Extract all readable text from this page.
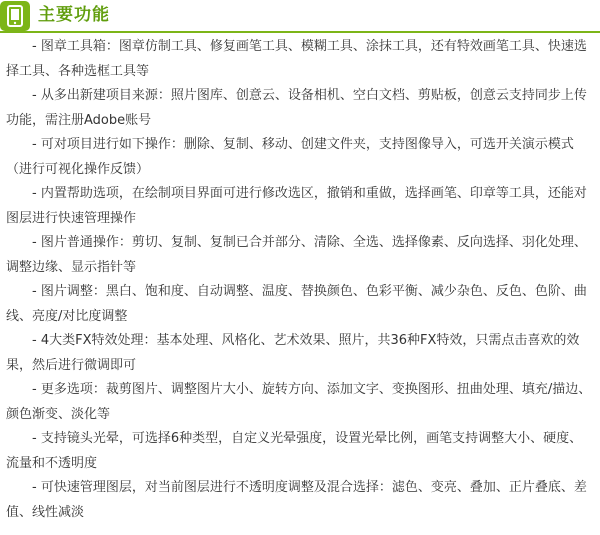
主要功能

- 图章工具箱：图章仿制工具、修复画笔工具、模糊工具、涂抹工具，还有特效画笔工具、快速选择工具、各种选框工具等

- 从多出新建项目来源：照片图库、创意云、设备相机、空白文档、剪贴板，创意云支持同步上传功能，需注册Adobe账号

- 可对项目进行如下操作：删除、复制、移动、创建文件夹，支持图像导入，可选开关演示模式（进行可视化操作反馈）

- 内置帮助选项，在绘制项目界面可进行修改选区，撤销和重做，选择画笔、印章等工具，还能对图层进行快速管理操作

- 图片普通操作：剪切、复制、复制已合并部分、清除、全选、选择像素、反向选择、羽化处理、调整边缘、显示指针等

- 图片调整：黑白、饱和度、自动调整、温度、替换颜色、色彩平衡、减少杂色、反色、色阶、曲线、亮度/对比度调整

- 4大类FX特效处理：基本处理、风格化、艺术效果、照片，共36种FX特效，只需点击喜欢的效果，然后进行微调即可

- 更多选项：裁剪图片、调整图片大小、旋转方向、添加文字、变换图形、扭曲处理、填充/描边、颜色渐变、淡化等

- 支持镜头光晕，可选择6种类型，自定义光晕强度，设置光晕比例，画笔支持调整大小、硬度、流量和不透明度

- 可快速管理图层，对当前图层进行不透明度调整及混合选择：滤色、变亮、叠加、正片叠底、差值、线性减淡
